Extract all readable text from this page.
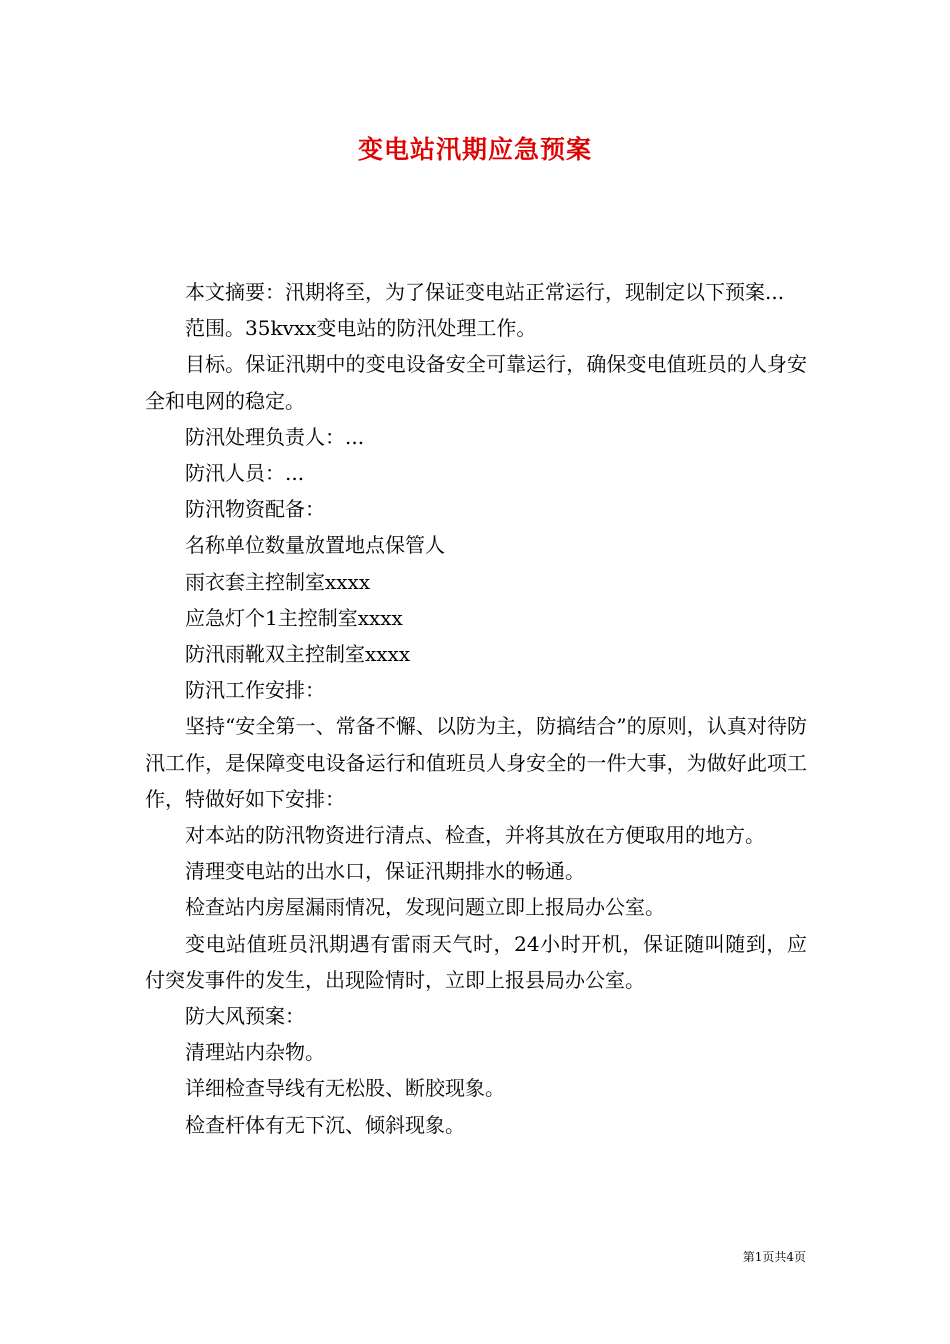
变电站汛期应急预案

本文摘要：汛期将至，为了保证变电站正常运行，现制定以下预案...

范围。35kvxx变电站的防汛处理工作。

目标。保证汛期中的变电设备安全可靠运行，确保变电值班员的人身安全和电网的稳定。

防汛处理负责人：...

防汛人员：...

防汛物资配备：

名称单位数量放置地点保管人

雨衣套主控制室xxxx

应急灯个1主控制室xxxx

防汛雨靴双主控制室xxxx

防汛工作安排：

坚持“安全第一、常备不懈、以防为主，防搞结合”的原则，认真对待防汛工作，是保障变电设备运行和值班员人身安全的一件大事，为做好此项工作，特做好如下安排：

对本站的防汛物资进行清点、检查，并将其放在方便取用的地方。

清理变电站的出水口，保证汛期排水的畅通。

检查站内房屋漏雨情况，发现问题立即上报局办公室。

变电站值班员汛期遇有雷雨天气时，24小时开机，保证随叫随到，应付突发事件的发生，出现险情时，立即上报县局办公室。

防大风预案：

清理站内杂物。

详细检查导线有无松股、断胶现象。

检查杆体有无下沉、倾斜现象。

第1页共4页
